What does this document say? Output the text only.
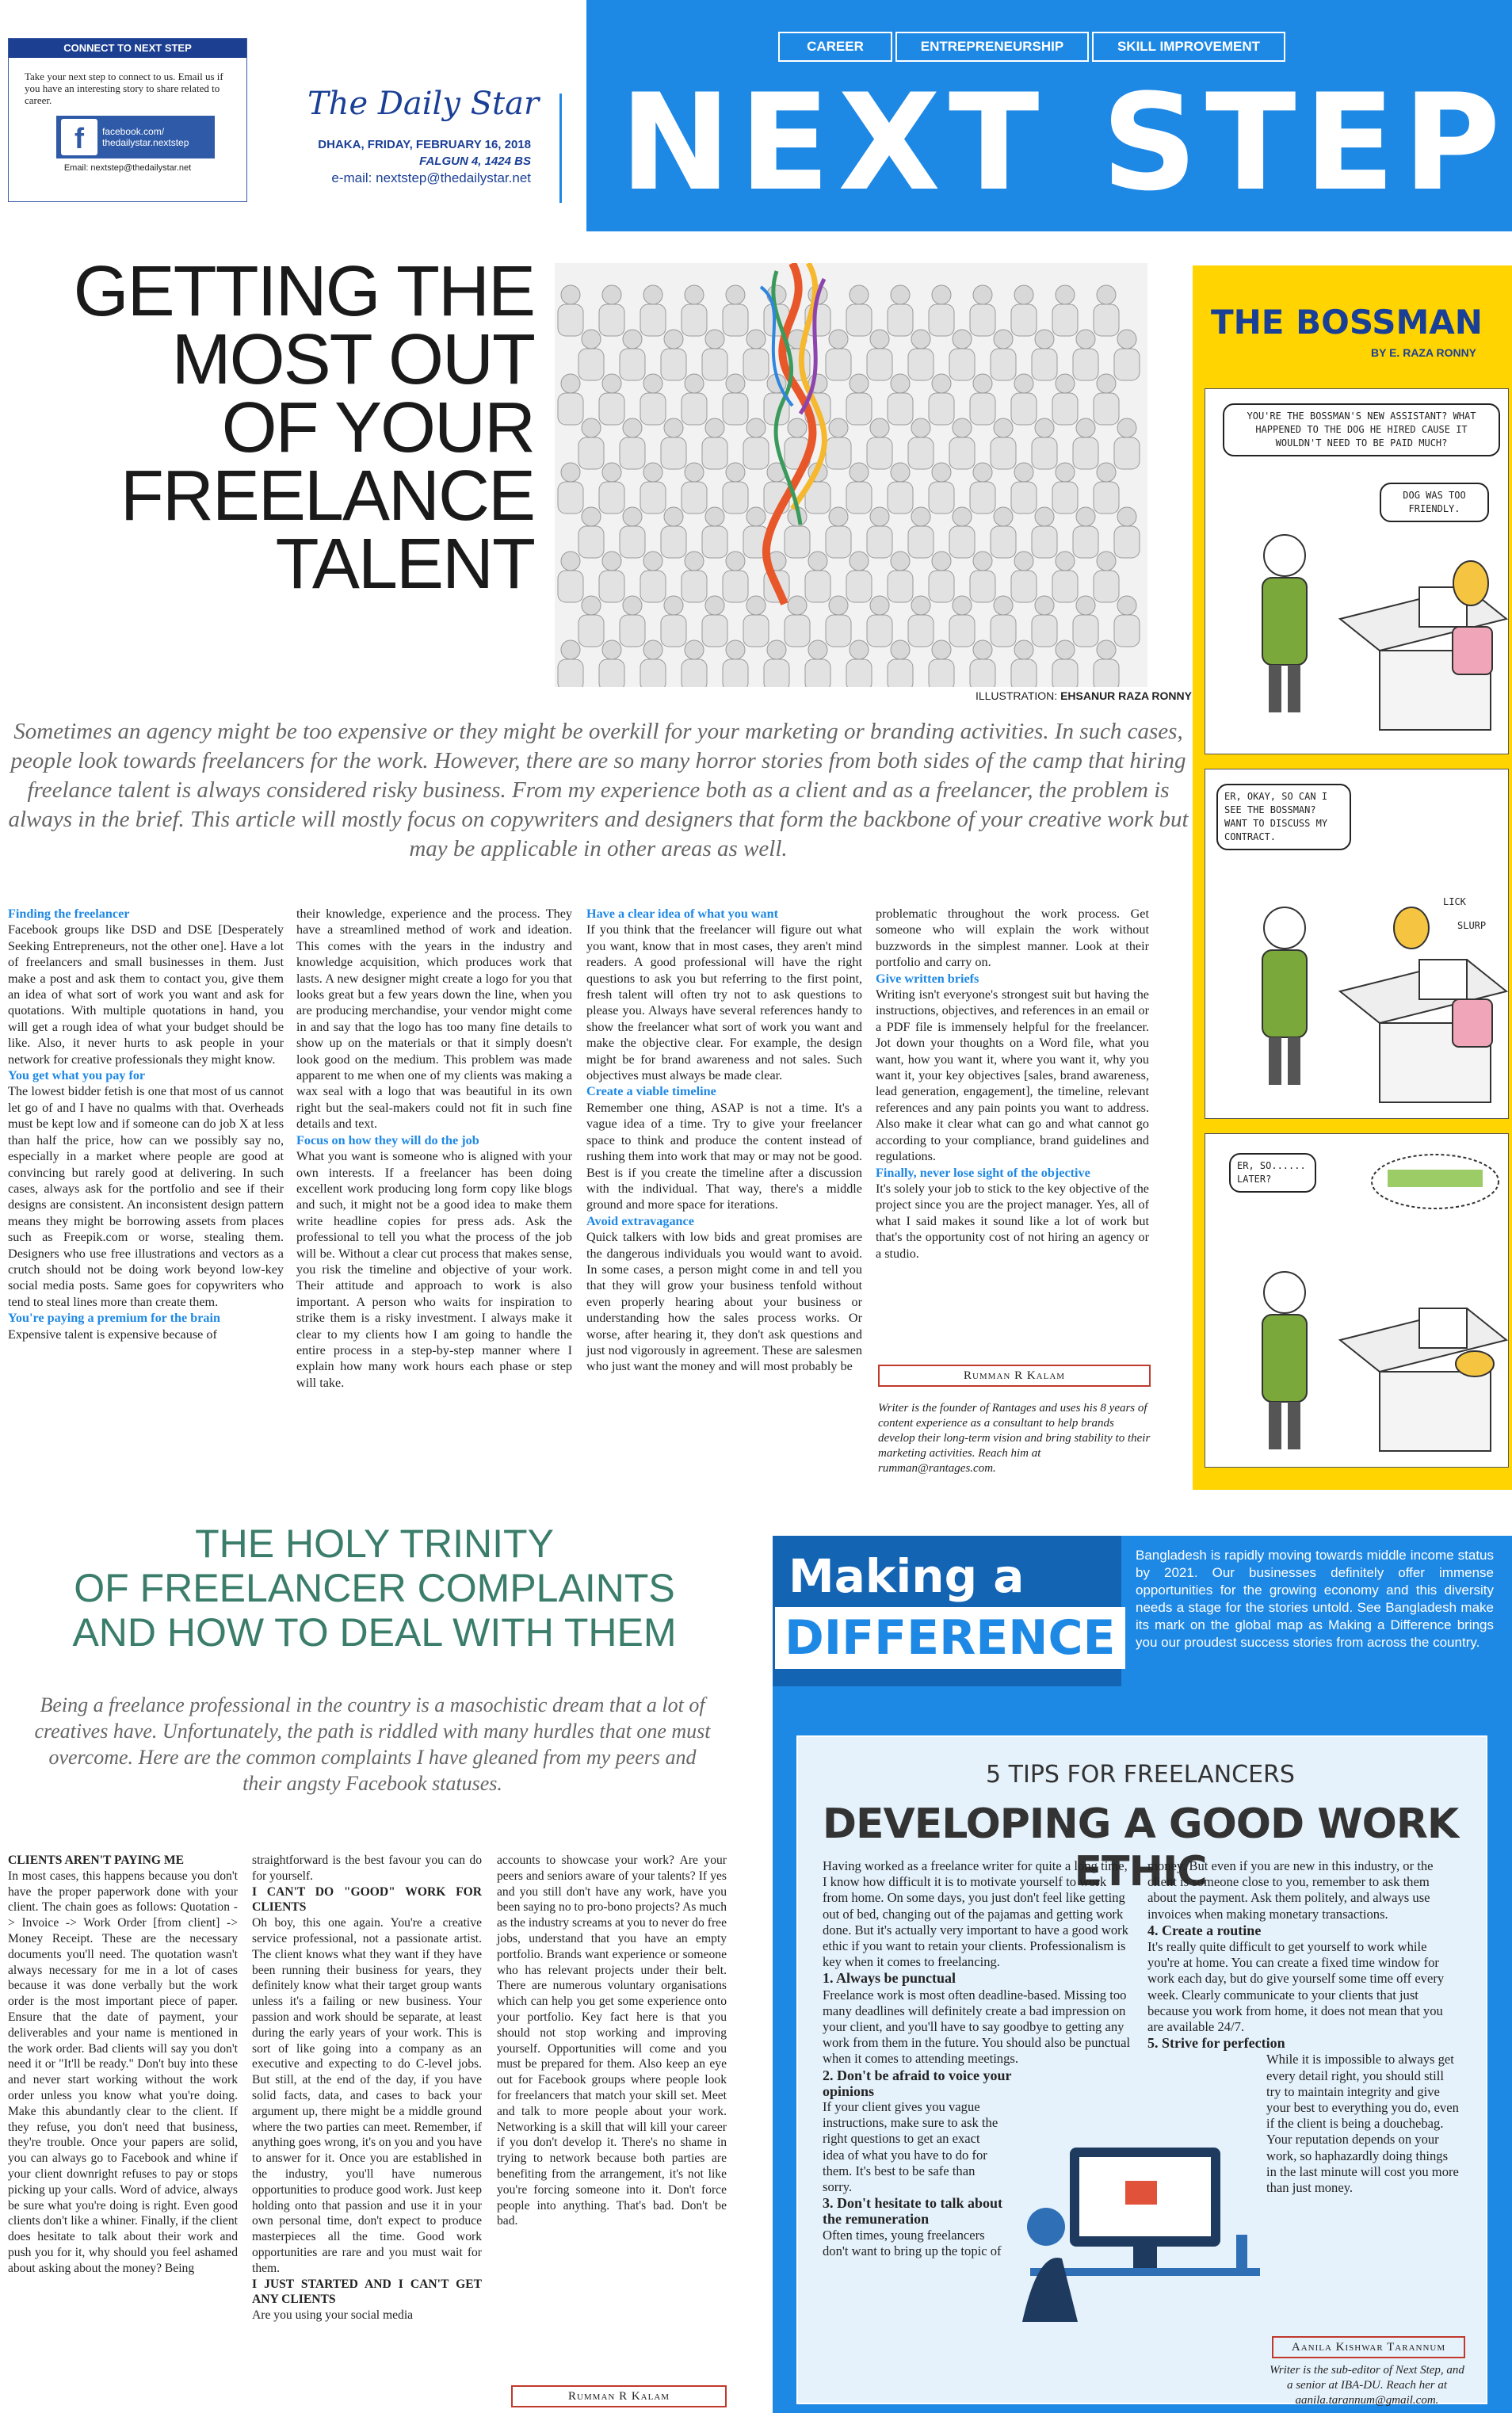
CONNECT TO NEXT STEP
Take your next step to connect to us. Email us if you have an interesting story to share related to career.
f	facebook.com/
thedailystar.nextstep
Email: nextstep@thedailystar.net
The Daily Star
DHAKA, FRIDAY, FEBRUARY 16, 2018
FALGUN 4, 1424 BS
e-mail: nextstep@thedailystar.net
CAREER	ENTREPRENEURSHIP	SKILL IMPROVEMENT
NEXT STEP
GETTING THE
MOST OUT
OF YOUR
FREELANCE
TALENT
ILLUSTRATION: EHSANUR RAZA RONNY
Sometimes an agency might be too expensive or they might be overkill for your marketing or branding activities. In such cases, people look towards freelancers for the work. However, there are so many horror stories from both sides of the camp that hiring freelance talent is always considered risky business. From my experience both as a client and as a freelancer, the problem is always in the brief. This article will mostly focus on copywriters and designers that form the backbone of your creative work but may be applicable in other areas as well.
Finding the freelancer
Facebook groups like DSD and DSE [Desperately Seeking Entrepreneurs, not the other one]. Have a lot of freelancers and small businesses in them. Just make a post and ask them to contact you, give them an idea of what sort of work you want and ask for quotations. With multiple quotations in hand, you will get a rough idea of what your budget should be like. Also, it never hurts to ask people in your network for creative professionals they might know.
You get what you pay for
The lowest bidder fetish is one that most of us cannot let go of and I have no qualms with that. Overheads must be kept low and if someone can do job X at less than half the price, how can we possibly say no, especially in a market where people are good at convincing but rarely good at delivering. In such cases, always ask for the portfolio and see if their designs are consistent. An inconsistent design pattern means they might be borrowing assets from places such as Freepik.com or worse, stealing them. Designers who use free illustrations and vectors as a crutch should not be doing work beyond low-key social media posts. Same goes for copywriters who tend to steal lines more than create them.
You're paying a premium for the brain
Expensive talent is expensive because of
their knowledge, experience and the process. They have a streamlined method of work and ideation. This comes with the years in the industry and knowledge acquisition, which produces work that lasts. A new designer might create a logo for you that looks great but a few years down the line, when you are producing merchandise, your vendor might come in and say that the logo has too many fine details to show up on the materials or that it simply doesn't look good on the medium. This problem was made apparent to me when one of my clients was making a wax seal with a logo that was beautiful in its own right but the seal-makers could not fit in such fine details and text.
Focus on how they will do the job
What you want is someone who is aligned with your own interests. If a freelancer has been doing excellent work producing long form copy like blogs and such, it might not be a good idea to make them write headline copies for press ads. Ask the professional to tell you what the process of the job will be. Without a clear cut process that makes sense, you risk the timeline and objective of your work. Their attitude and approach to work is also important. A person who waits for inspiration to strike them is a risky investment. I always make it clear to my clients how I am going to handle the entire process in a step-by-step manner where I explain how many work hours each phase or step will take.
Have a clear idea of what you want
If you think that the freelancer will figure out what you want, know that in most cases, they aren't mind readers. A good professional will have the right questions to ask you but referring to the first point, fresh talent will often try not to ask questions to please you. Always have several references handy to show the freelancer what sort of work you want and make the objective clear. For example, the design might be for brand awareness and not sales. Such objectives must always be made clear.
Create a viable timeline
Remember one thing, ASAP is not a time. It's a vague idea of a time. Try to give your freelancer space to think and produce the content instead of rushing them into work that may or may not be good. Best is if you create the timeline after a discussion with the individual. That way, there's a middle ground and more space for iterations.
Avoid extravagance
Quick talkers with low bids and great promises are the dangerous individuals you would want to avoid. In some cases, a person might come in and tell you that they will grow your business tenfold without even properly hearing about your business or understanding how the sales process works. Or worse, after hearing it, they don't ask questions and just nod vigorously in agreement. These are salesmen who just want the money and will most probably be
problematic throughout the work process. Get someone who will explain the work without buzzwords in the simplest manner. Look at their portfolio and carry on.
Give written briefs
Writing isn't everyone's strongest suit but having the instructions, objectives, and references in an email or a PDF file is immensely helpful for the freelancer. Jot down your thoughts on a Word file, what you want, how you want it, where you want it, why you want it, your key objectives [sales, brand awareness, lead generation, engagement], the timeline, relevant references and any pain points you want to address. Also make it clear what can go and what cannot go according to your compliance, brand guidelines and regulations.
Finally, never lose sight of the objective
It's solely your job to stick to the key objective of the project since you are the project manager. Yes, all of what I said makes it sound like a lot of work but that's the opportunity cost of not hiring an agency or a studio.
Rumman R Kalam
Writer is the founder of Rantages and uses his 8 years of content experience as a consultant to help brands develop their long-term vision and bring stability to their marketing activities. Reach him at rumman@rantages.com.
THE BOSSMAN
BY E. RAZA RONNY
YOU'RE THE BOSSMAN'S NEW ASSISTANT? WHAT HAPPENED TO THE DOG HE HIRED CAUSE IT WOULDN'T NEED TO BE PAID MUCH?
DOG WAS TOO FRIENDLY.
ER, OKAY, SO CAN I SEE THE BOSSMAN? WANT TO DISCUSS MY CONTRACT.
LICK
SLURP
ER, SO...... LATER?
THE HOLY TRINITY
OF FREELANCER COMPLAINTS
AND HOW TO DEAL WITH THEM
Being a freelance professional in the country is a masochistic dream that a lot of creatives have. Unfortunately, the path is riddled with many hurdles that one must overcome. Here are the common complaints I have gleaned from my peers and their angsty Facebook statuses.
CLIENTS AREN'T PAYING ME
In most cases, this happens because you don't have the proper paperwork done with your client. The chain goes as follows: Quotation -> Invoice -> Work Order [from client] -> Money Receipt. These are the necessary documents you'll need. The quotation wasn't always necessary for me in a lot of cases because it was done verbally but the work order is the most important piece of paper. Ensure that the date of payment, your deliverables and your name is mentioned in the work order. Bad clients will say you don't need it or "It'll be ready." Don't buy into these and never start working without the work order unless you know what you're doing. Make this abundantly clear to the client. If they refuse, you don't need that business, they're trouble. Once your papers are solid, you can always go to Facebook and whine if your client downright refuses to pay or stops picking up your calls. Word of advice, always be sure what you're doing is right. Even good clients don't like a whiner. Finally, if the client does hesitate to talk about their work and push you for it, why should you feel ashamed about asking about the money? Being
straightforward is the best favour you can do for yourself.
I CAN'T DO "GOOD" WORK FOR CLIENTS
Oh boy, this one again. You're a creative service professional, not a passionate artist. The client knows what they want if they have been running their business for years, they definitely know what their target group wants unless it's a failing or new business. Your passion and work should be separate, at least during the early years of your work. This is sort of like going into a company as an executive and expecting to do C-level jobs. But still, at the end of the day, if you have solid facts, data, and cases to back your argument up, there might be a middle ground where the two parties can meet. Remember, if anything goes wrong, it's on you and you have to answer for it. Once you are established in the industry, you'll have numerous opportunities to produce good work. Just keep holding onto that passion and use it in your own personal time, don't expect to produce masterpieces all the time. Good work opportunities are rare and you must wait for them.
I JUST STARTED AND I CAN'T GET ANY CLIENTS
Are you using your social media
accounts to showcase your work? Are your peers and seniors aware of your talents? If yes and you still don't have any work, have you been saying no to pro-bono projects? As much as the industry screams at you to never do free jobs, understand that you have an empty portfolio. Brands want experience or someone who has relevant projects under their belt. There are numerous voluntary organisations which can help you get some experience onto your portfolio. Key fact here is that you should not stop working and improving yourself. Opportunities will come and you must be prepared for them. Also keep an eye out for Facebook groups where people look for freelancers that match your skill set. Meet and talk to more people about your work. Networking is a skill that will kill your career if you don't develop it. There's no shame in trying to network because both parties are benefiting from the arrangement, it's not like you're forcing someone into it. Don't force people into anything. That's bad. Don't be bad.
Rumman R Kalam
Making a
DIFFERENCE
Bangladesh is rapidly moving towards middle income status by 2021. Our businesses definitely offer immense opportunities for the growing economy and this diversity needs a stage for the stories untold. See Bangladesh make its mark on the global map as Making a Difference brings you our proudest success stories from across the country.
5 TIPS FOR FREELANCERS
DEVELOPING A GOOD WORK ETHIC
Having worked as a freelance writer for quite a long time, I know how difficult it is to motivate yourself to work from home. On some days, you just don't feel like getting out of bed, changing out of the pajamas and getting work done. But it's actually very important to have a good work ethic if you want to retain your clients. Professionalism is key when it comes to freelancing.
1. Always be punctual
Freelance work is most often deadline-based. Missing too many deadlines will definitely create a bad impression on your client, and you'll have to say goodbye to getting any work from them in the future. You should also be punctual when it comes to attending meetings.
2. Don't be afraid to voice your opinions
If your client gives you vague instructions, make sure to ask the right questions to get an exact idea of what you have to do for them. It's best to be safe than sorry.
3. Don't hesitate to talk about the remuneration
Often times, young freelancers don't want to bring up the topic of
money. But even if you are new in this industry, or the client is someone close to you, remember to ask them about the payment. Ask them politely, and always use invoices when making monetary transactions.
4. Create a routine
It's really quite difficult to get yourself to work while you're at home. You can create a fixed time window for work each day, but do give yourself some time off every week. Clearly communicate to your clients that just because you work from home, it does not mean that you are available 24/7.
5. Strive for perfection
While it is impossible to always get every detail right, you should still try to maintain integrity and give your best to everything you do, even if the client is being a douchebag. Your reputation depends on your work, so haphazardly doing things in the last minute will cost you more than just money.
Aanila Kishwar Tarannum
Writer is the sub-editor of Next Step, and a senior at IBA-DU. Reach her at aanila.tarannum@gmail.com.
